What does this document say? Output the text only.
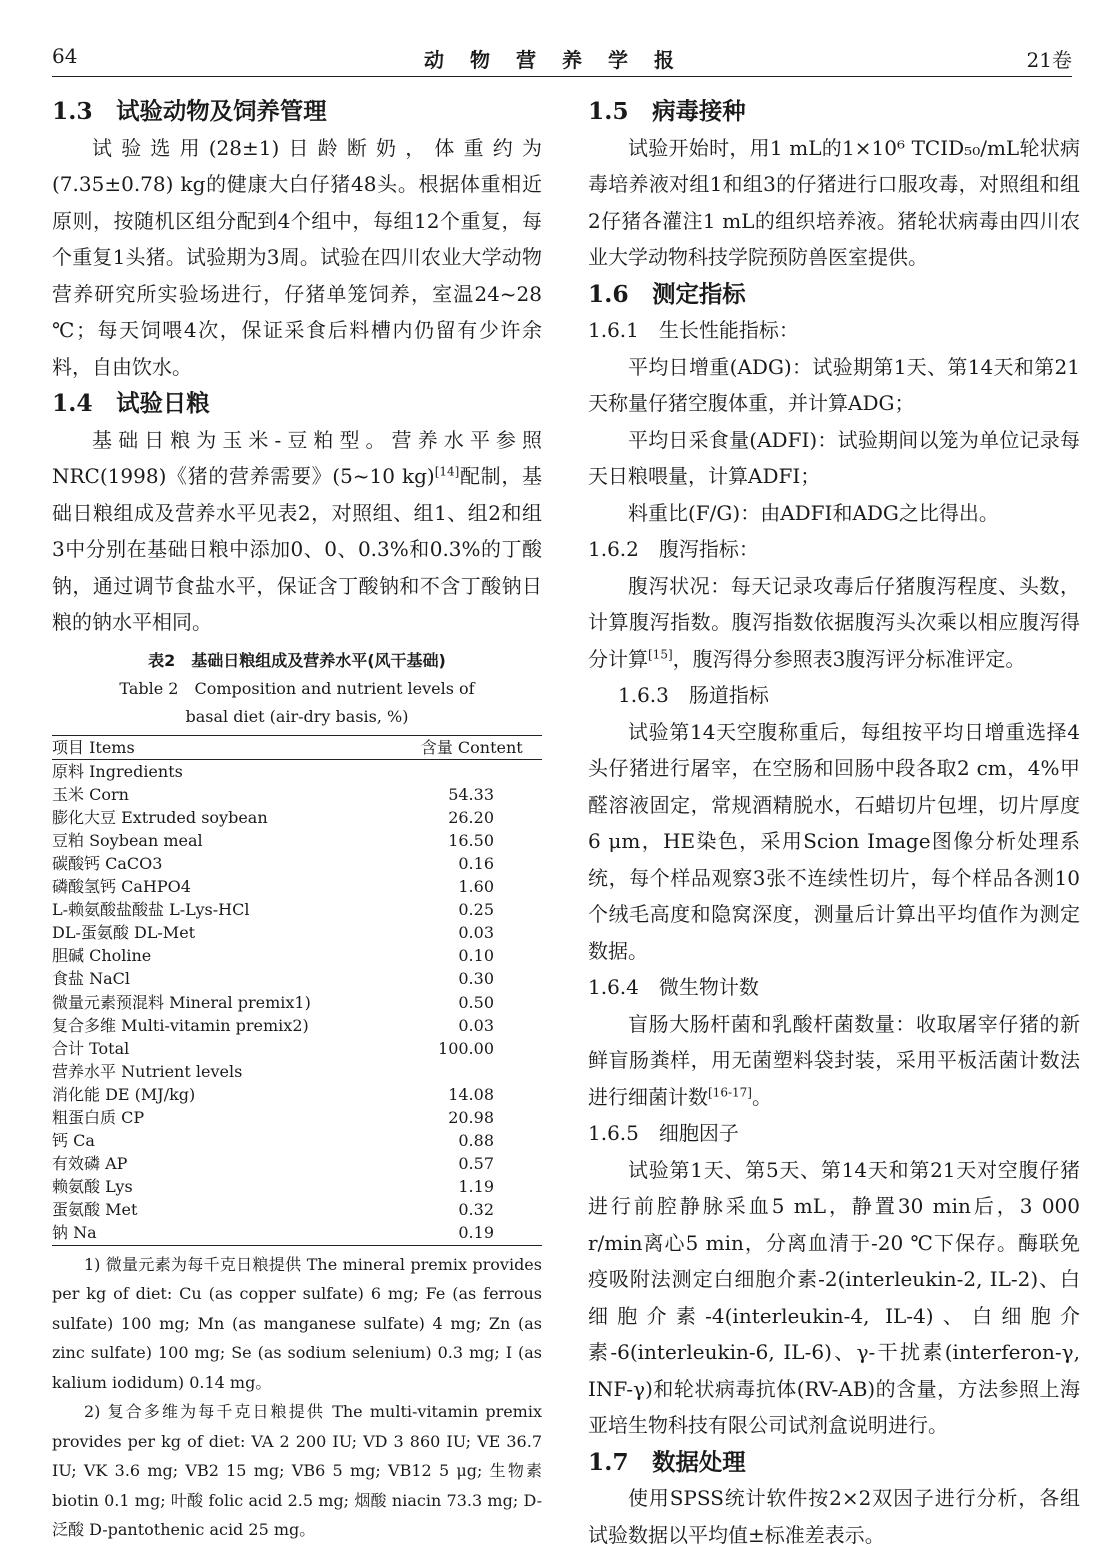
64	动物营养学报	21卷
1.3　试验动物及饲养管理

试验选用(28±1)日龄断奶，体重约为(7.35±0.78) kg的健康大白仔猪48头。根据体重相近原则，按随机区组分配到4个组中，每组12个重复，每个重复1头猪。试验期为3周。试验在四川农业大学动物营养研究所实验场进行，仔猪单笼饲养，室温24~28 ℃；每天饲喂4次，保证采食后料槽内仍留有少许余料，自由饮水。

1.4　试验日粮

基础日粮为玉米-豆粕型。营养水平参照NRC(1998)《猪的营养需要》(5~10 kg)[14]配制，基础日粮组成及营养水平见表2，对照组、组1、组2和组3中分别在基础日粮中添加0、0、0.3%和0.3%的丁酸钠，通过调节食盐水平，保证含丁酸钠和不含丁酸钠日粮的钠水平相同。

表2　基础日粮组成及营养水平(风干基础)
Table 2　Composition and nutrient levels of
basal diet (air-dry basis, %)
项目 Items	含量 Content
原料 Ingredients	
玉米 Corn	54.33
膨化大豆 Extruded soybean	26.20
豆粕 Soybean meal	16.50
碳酸钙 CaCO3	0.16
磷酸氢钙 CaHPO4	1.60
L-赖氨酸盐酸盐 L-Lys-HCl	0.25
DL-蛋氨酸 DL-Met	0.03
胆碱 Choline	0.10
食盐 NaCl	0.30
微量元素预混料 Mineral premix1)	0.50
复合多维 Multi-vitamin premix2)	0.03
合计 Total	100.00
营养水平 Nutrient levels	
消化能 DE (MJ/kg)	14.08
粗蛋白质 CP	20.98
钙 Ca	0.88
有效磷 AP	0.57
赖氨酸 Lys	1.19
蛋氨酸 Met	0.32
钠 Na	0.19

1) 微量元素为每千克日粮提供 The mineral premix provides per kg of diet: Cu (as copper sulfate) 6 mg; Fe (as ferrous sulfate) 100 mg; Mn (as manganese sulfate) 4 mg; Zn (as zinc sulfate) 100 mg; Se (as sodium selenium) 0.3 mg; I (as kalium iodidum) 0.14 mg。

2) 复合多维为每千克日粮提供 The multi-vitamin premix provides per kg of diet: VA 2 200 IU; VD 3 860 IU; VE 36.7 IU; VK 3.6 mg; VB2 15 mg; VB6 5 mg; VB12 5 μg; 生物素 biotin 0.1 mg; 叶酸 folic acid 2.5 mg; 烟酸 niacin 73.3 mg; D-泛酸 D-pantothenic acid 25 mg。

1.5　病毒接种

试验开始时，用1 mL的1×10⁶ TCID₅₀/mL轮状病毒培养液对组1和组3的仔猪进行口服攻毒，对照组和组2仔猪各灌注1 mL的组织培养液。猪轮状病毒由四川农业大学动物科技学院预防兽医室提供。

1.6　测定指标

1.6.1　生长性能指标：

平均日增重(ADG)：试验期第1天、第14天和第21天称量仔猪空腹体重，并计算ADG；

平均日采食量(ADFI)：试验期间以笼为单位记录每天日粮喂量，计算ADFI；

料重比(F/G)：由ADFI和ADG之比得出。

1.6.2　腹泻指标：

腹泻状况：每天记录攻毒后仔猪腹泻程度、头数，计算腹泻指数。腹泻指数依据腹泻头次乘以相应腹泻得分计算[15]，腹泻得分参照表3腹泻评分标准评定。

1.6.3　肠道指标

试验第14天空腹称重后，每组按平均日增重选择4头仔猪进行屠宰，在空肠和回肠中段各取2 cm，4%甲醛溶液固定，常规酒精脱水，石蜡切片包埋，切片厚度6 μm，HE染色，采用Scion Image图像分析处理系统，每个样品观察3张不连续性切片，每个样品各测10个绒毛高度和隐窝深度，测量后计算出平均值作为测定数据。

1.6.4　微生物计数

盲肠大肠杆菌和乳酸杆菌数量：收取屠宰仔猪的新鲜盲肠粪样，用无菌塑料袋封装，采用平板活菌计数法进行细菌计数[16-17]。

1.6.5　细胞因子

试验第1天、第5天、第14天和第21天对空腹仔猪进行前腔静脉采血5 mL，静置30 min后，3 000 r/min离心5 min，分离血清于-20 ℃下保存。酶联免疫吸附法测定白细胞介素-2(interleukin-2, IL-2)、白细胞介素-4(interleukin-4, IL-4)、白细胞介素-6(interleukin-6, IL-6)、γ-干扰素(interferon-γ, INF-γ)和轮状病毒抗体(RV-AB)的含量，方法参照上海亚培生物科技有限公司试剂盒说明进行。

1.7　数据处理

使用SPSS统计软件按2×2双因子进行分析，各组试验数据以平均值±标准差表示。
